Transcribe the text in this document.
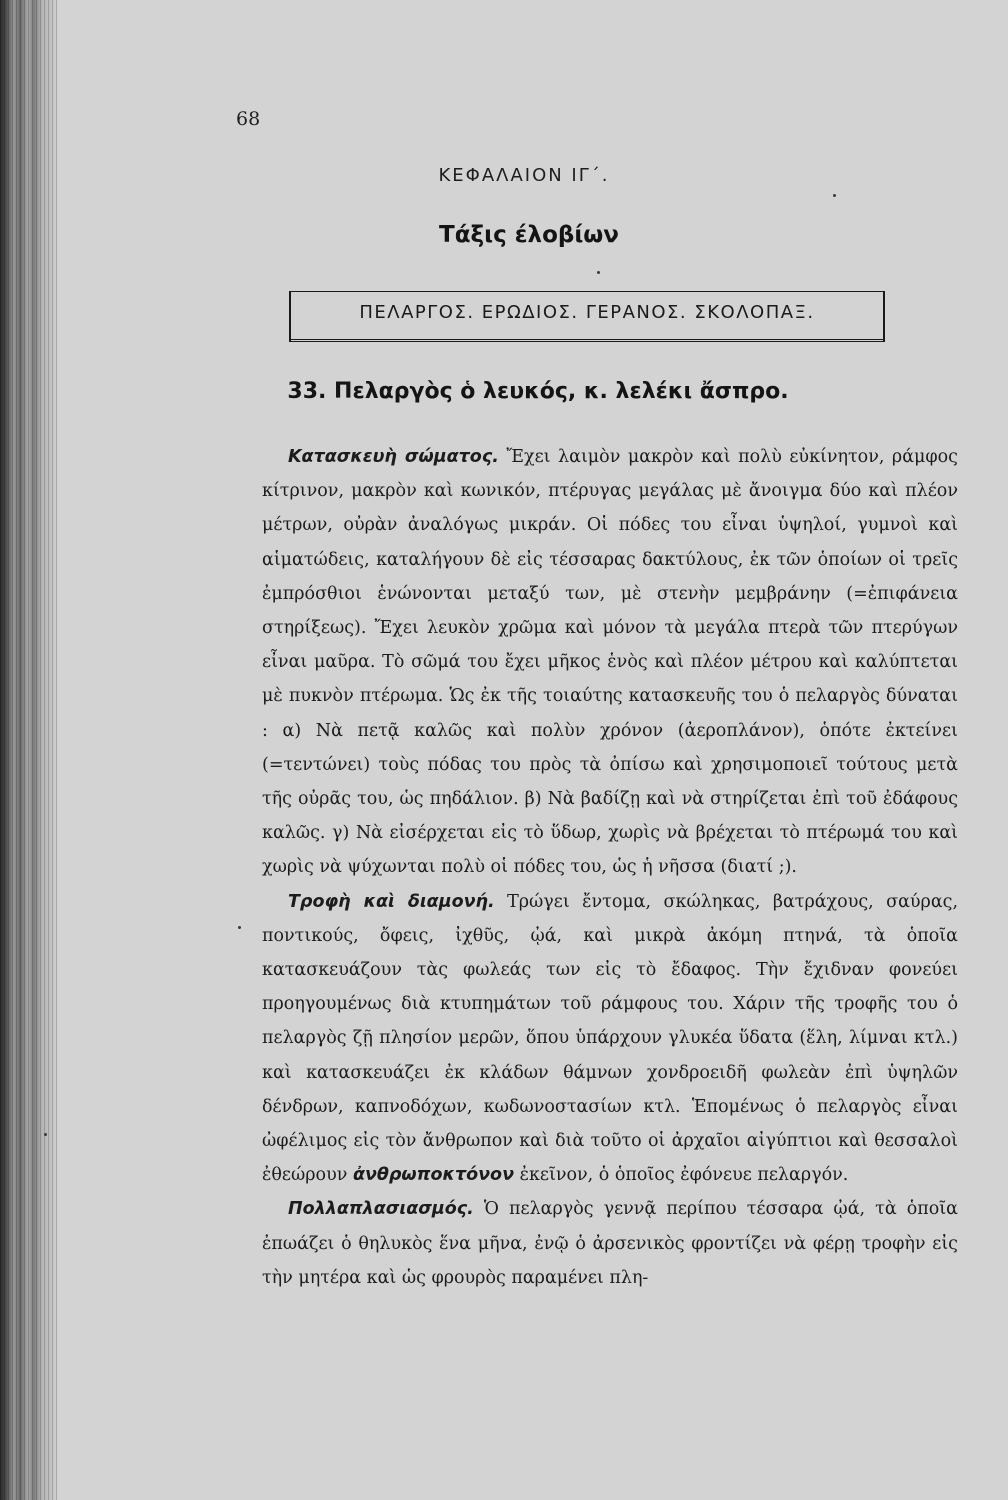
68
ΚΕΦΑΛΑΙΟΝ ΙΓ΄.
Τάξις έλοβίων
ΠΕΛΑΡΓΟΣ. ΕΡΩΔΙΟΣ. ΓΕΡΑΝΟΣ. ΣΚΟΛΟΠΑΞ.
33. Πελαργὸς ὁ λευκός, κ. λελέκι ἄσπρο.

Κατασκευὴ σώματος. Ἔχει λαιμὸν μακρὸν καὶ πολὺ εὐκίνητον, ράμφος κίτρινον, μακρὸν καὶ κωνικόν, πτέρυγας μεγάλας μὲ ἄνοιγμα δύο καὶ πλέον μέτρων, οὐρὰν ἀναλόγως μικράν. Οἱ πόδες του εἶναι ὑψηλοί, γυμνοὶ καὶ αἱματώδεις, καταλήγουν δὲ εἰς τέσσαρας δακτύλους, ἐκ τῶν ὁποίων οἱ τρεῖς ἐμπρόσθιοι ἑνώνονται μεταξύ των, μὲ στενὴν μεμβράνην (=ἐπιφάνεια στηρίξεως). Ἔχει λευκὸν χρῶμα καὶ μόνον τὰ μεγάλα πτερὰ τῶν πτερύγων εἶναι μαῦρα. Τὸ σῶμά του ἔχει μῆκος ἑνὸς καὶ πλέον μέτρου καὶ καλύπτεται μὲ πυκνὸν πτέρωμα. Ὡς ἐκ τῆς τοιαύτης κατασκευῆς του ὁ πελαργὸς δύναται : α) Νὰ πετᾷ καλῶς καὶ πολὺν χρόνον (ἀεροπλάνον), ὁπότε ἐκτείνει (=τεντώνει) τοὺς πόδας του πρὸς τὰ ὀπίσω καὶ χρησιμοποιεῖ τούτους μετὰ τῆς οὐρᾶς του, ὡς πηδάλιον. β) Νὰ βαδίζῃ καὶ νὰ στηρίζεται ἐπὶ τοῦ ἐδάφους καλῶς. γ) Νὰ εἰσέρχεται εἰς τὸ ὕδωρ, χωρὶς νὰ βρέχεται τὸ πτέρωμά του καὶ χωρὶς νὰ ψύχωνται πολὺ οἱ πόδες του, ὡς ἡ νῆσσα (διατί ;).

Τροφὴ καὶ διαμονή. Τρώγει ἔντομα, σκώληκας, βατράχους, σαύρας, ποντικούς, ὄφεις, ἰχθῦς, ᾠά, καὶ μικρὰ ἀκόμη πτηνά, τὰ ὁποῖα κατασκευάζουν τὰς φωλεάς των εἰς τὸ ἔδαφος. Τὴν ἔχιδναν φονεύει προηγουμένως διὰ κτυπημάτων τοῦ ράμφους του. Χάριν τῆς τροφῆς του ὁ πελαργὸς ζῇ πλησίον μερῶν, ὅπου ὑπάρχουν γλυκέα ὕδατα (ἕλη, λίμναι κτλ.) καὶ κατασκευάζει ἐκ κλάδων θάμνων χονδροειδῆ φωλεὰν ἐπὶ ὑψηλῶν δένδρων, καπνοδόχων, κωδωνοστασίων κτλ. Ἑπομένως ὁ πελαργὸς εἶναι ὠφέλιμος εἰς τὸν ἄνθρωπον καὶ διὰ τοῦτο οἱ ἀρχαῖοι αἰγύπτιοι καὶ θεσσαλοὶ ἐθεώρουν ἀνθρωποκτόνον ἐκεῖνον, ὁ ὁποῖος ἐφόνευε πελαργόν.

Πολλαπλασιασμός. Ὁ πελαργὸς γεννᾷ περίπου τέσσαρα ᾠά, τὰ ὁποῖα ἐπωάζει ὁ θηλυκὸς ἕνα μῆνα, ἐνῷ ὁ ἀρσενικὸς φροντίζει νὰ φέρῃ τροφὴν εἰς τὴν μητέρα καὶ ὡς φρουρὸς παραμένει πλη-
